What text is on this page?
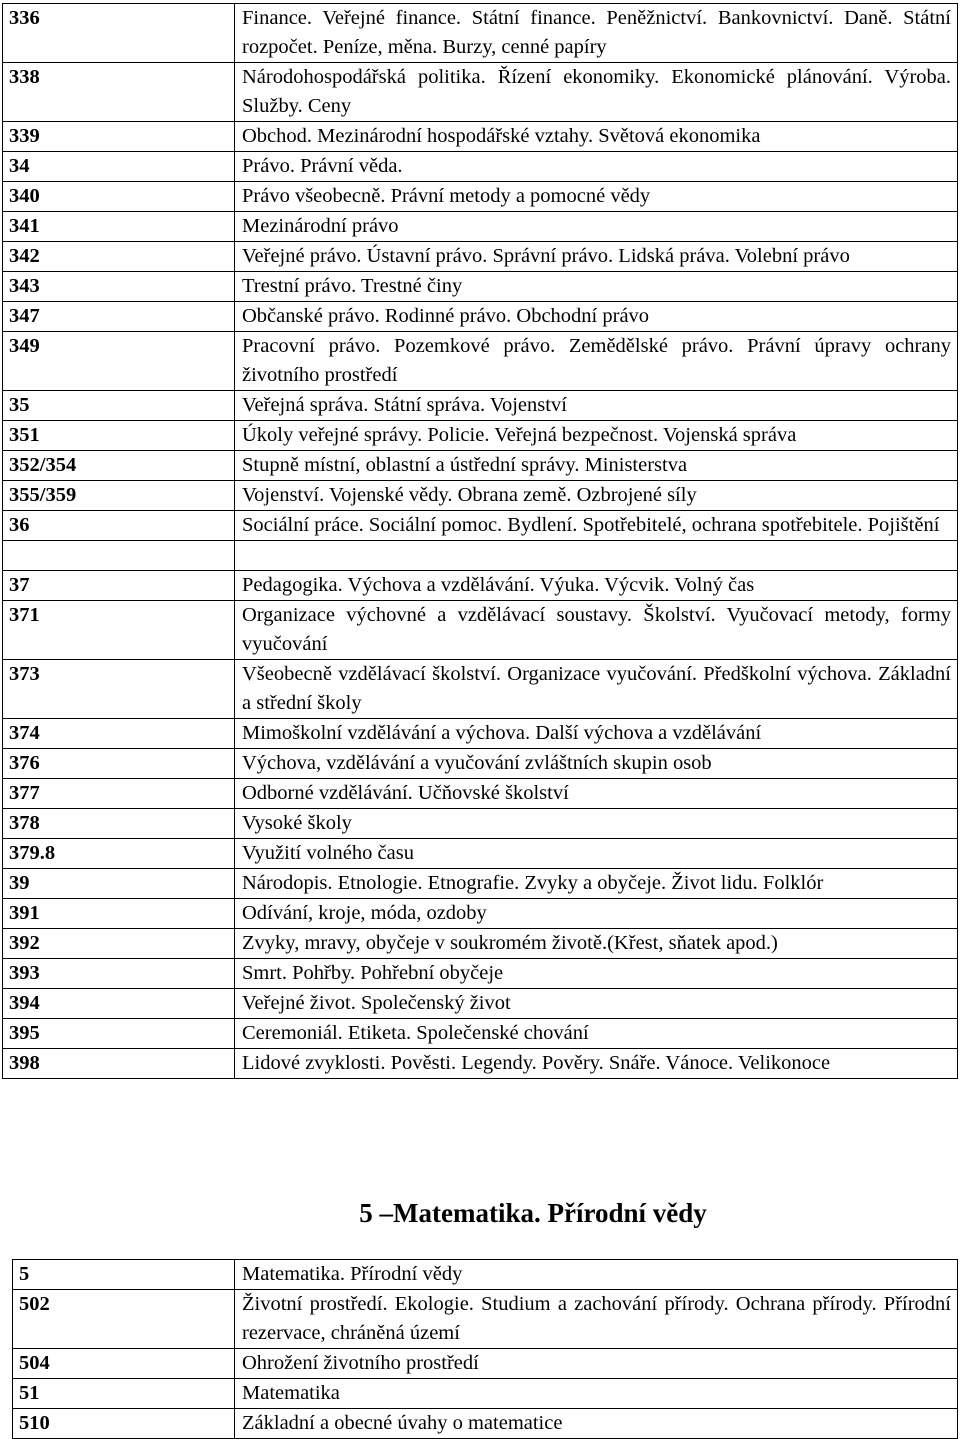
336	Finance. Veřejné finance. Státní finance. Peněžnictví. Bankovnictví. Daně. Státní rozpočet. Peníze, měna. Burzy, cenné papíry
338	Národohospodářská politika. Řízení ekonomiky. Ekonomické plánování. Výroba. Služby. Ceny
339	Obchod. Mezinárodní hospodářské vztahy. Světová ekonomika
34	Právo. Právní věda.
340	Právo všeobecně. Právní metody a pomocné vědy
341	Mezinárodní právo
342	Veřejné právo. Ústavní právo. Správní právo. Lidská práva. Volební právo
343	Trestní právo. Trestné činy
347	Občanské právo. Rodinné právo. Obchodní právo
349	Pracovní právo. Pozemkové právo. Zemědělské právo. Právní úpravy ochrany životního prostředí
35	Veřejná správa. Státní správa. Vojenství
351	Úkoly veřejné správy. Policie. Veřejná bezpečnost. Vojenská správa
352/354	Stupně místní, oblastní a ústřední správy. Ministerstva
355/359	Vojenství. Vojenské vědy. Obrana země. Ozbrojené síly
36	Sociální práce. Sociální pomoc. Bydlení. Spotřebitelé, ochrana spotřebitele. Pojištění

37	Pedagogika. Výchova a vzdělávání. Výuka. Výcvik. Volný čas
371	Organizace výchovné a vzdělávací soustavy. Školství. Vyučovací metody, formy vyučování
373	Všeobecně vzdělávací školství. Organizace vyučování. Předškolní výchova. Základní a střední školy
374	Mimoškolní vzdělávání a výchova. Další výchova a vzdělávání
376	Výchova, vzdělávání a vyučování zvláštních skupin osob
377	Odborné vzdělávání. Učňovské školství
378	Vysoké školy
379.8	Využití volného času
39	Národopis. Etnologie. Etnografie. Zvyky a obyčeje. Život lidu. Folklór
391	Odívání, kroje, móda, ozdoby
392	Zvyky, mravy, obyčeje v soukromém životě.(Křest, sňatek apod.)
393	Smrt. Pohřby. Pohřební obyčeje
394	Veřejné život. Společenský život
395	Ceremoniál. Etiketa. Společenské chování
398	Lidové zvyklosti. Pověsti. Legendy. Pověry. Snáře. Vánoce. Velikonoce
5 –Matematika. Přírodní vědy
5	Matematika. Přírodní vědy
502	Životní prostředí. Ekologie. Studium a zachování přírody. Ochrana přírody. Přírodní rezervace, chráněná území
504	Ohrožení životního prostředí
51	Matematika
510	Základní a obecné úvahy o matematice
